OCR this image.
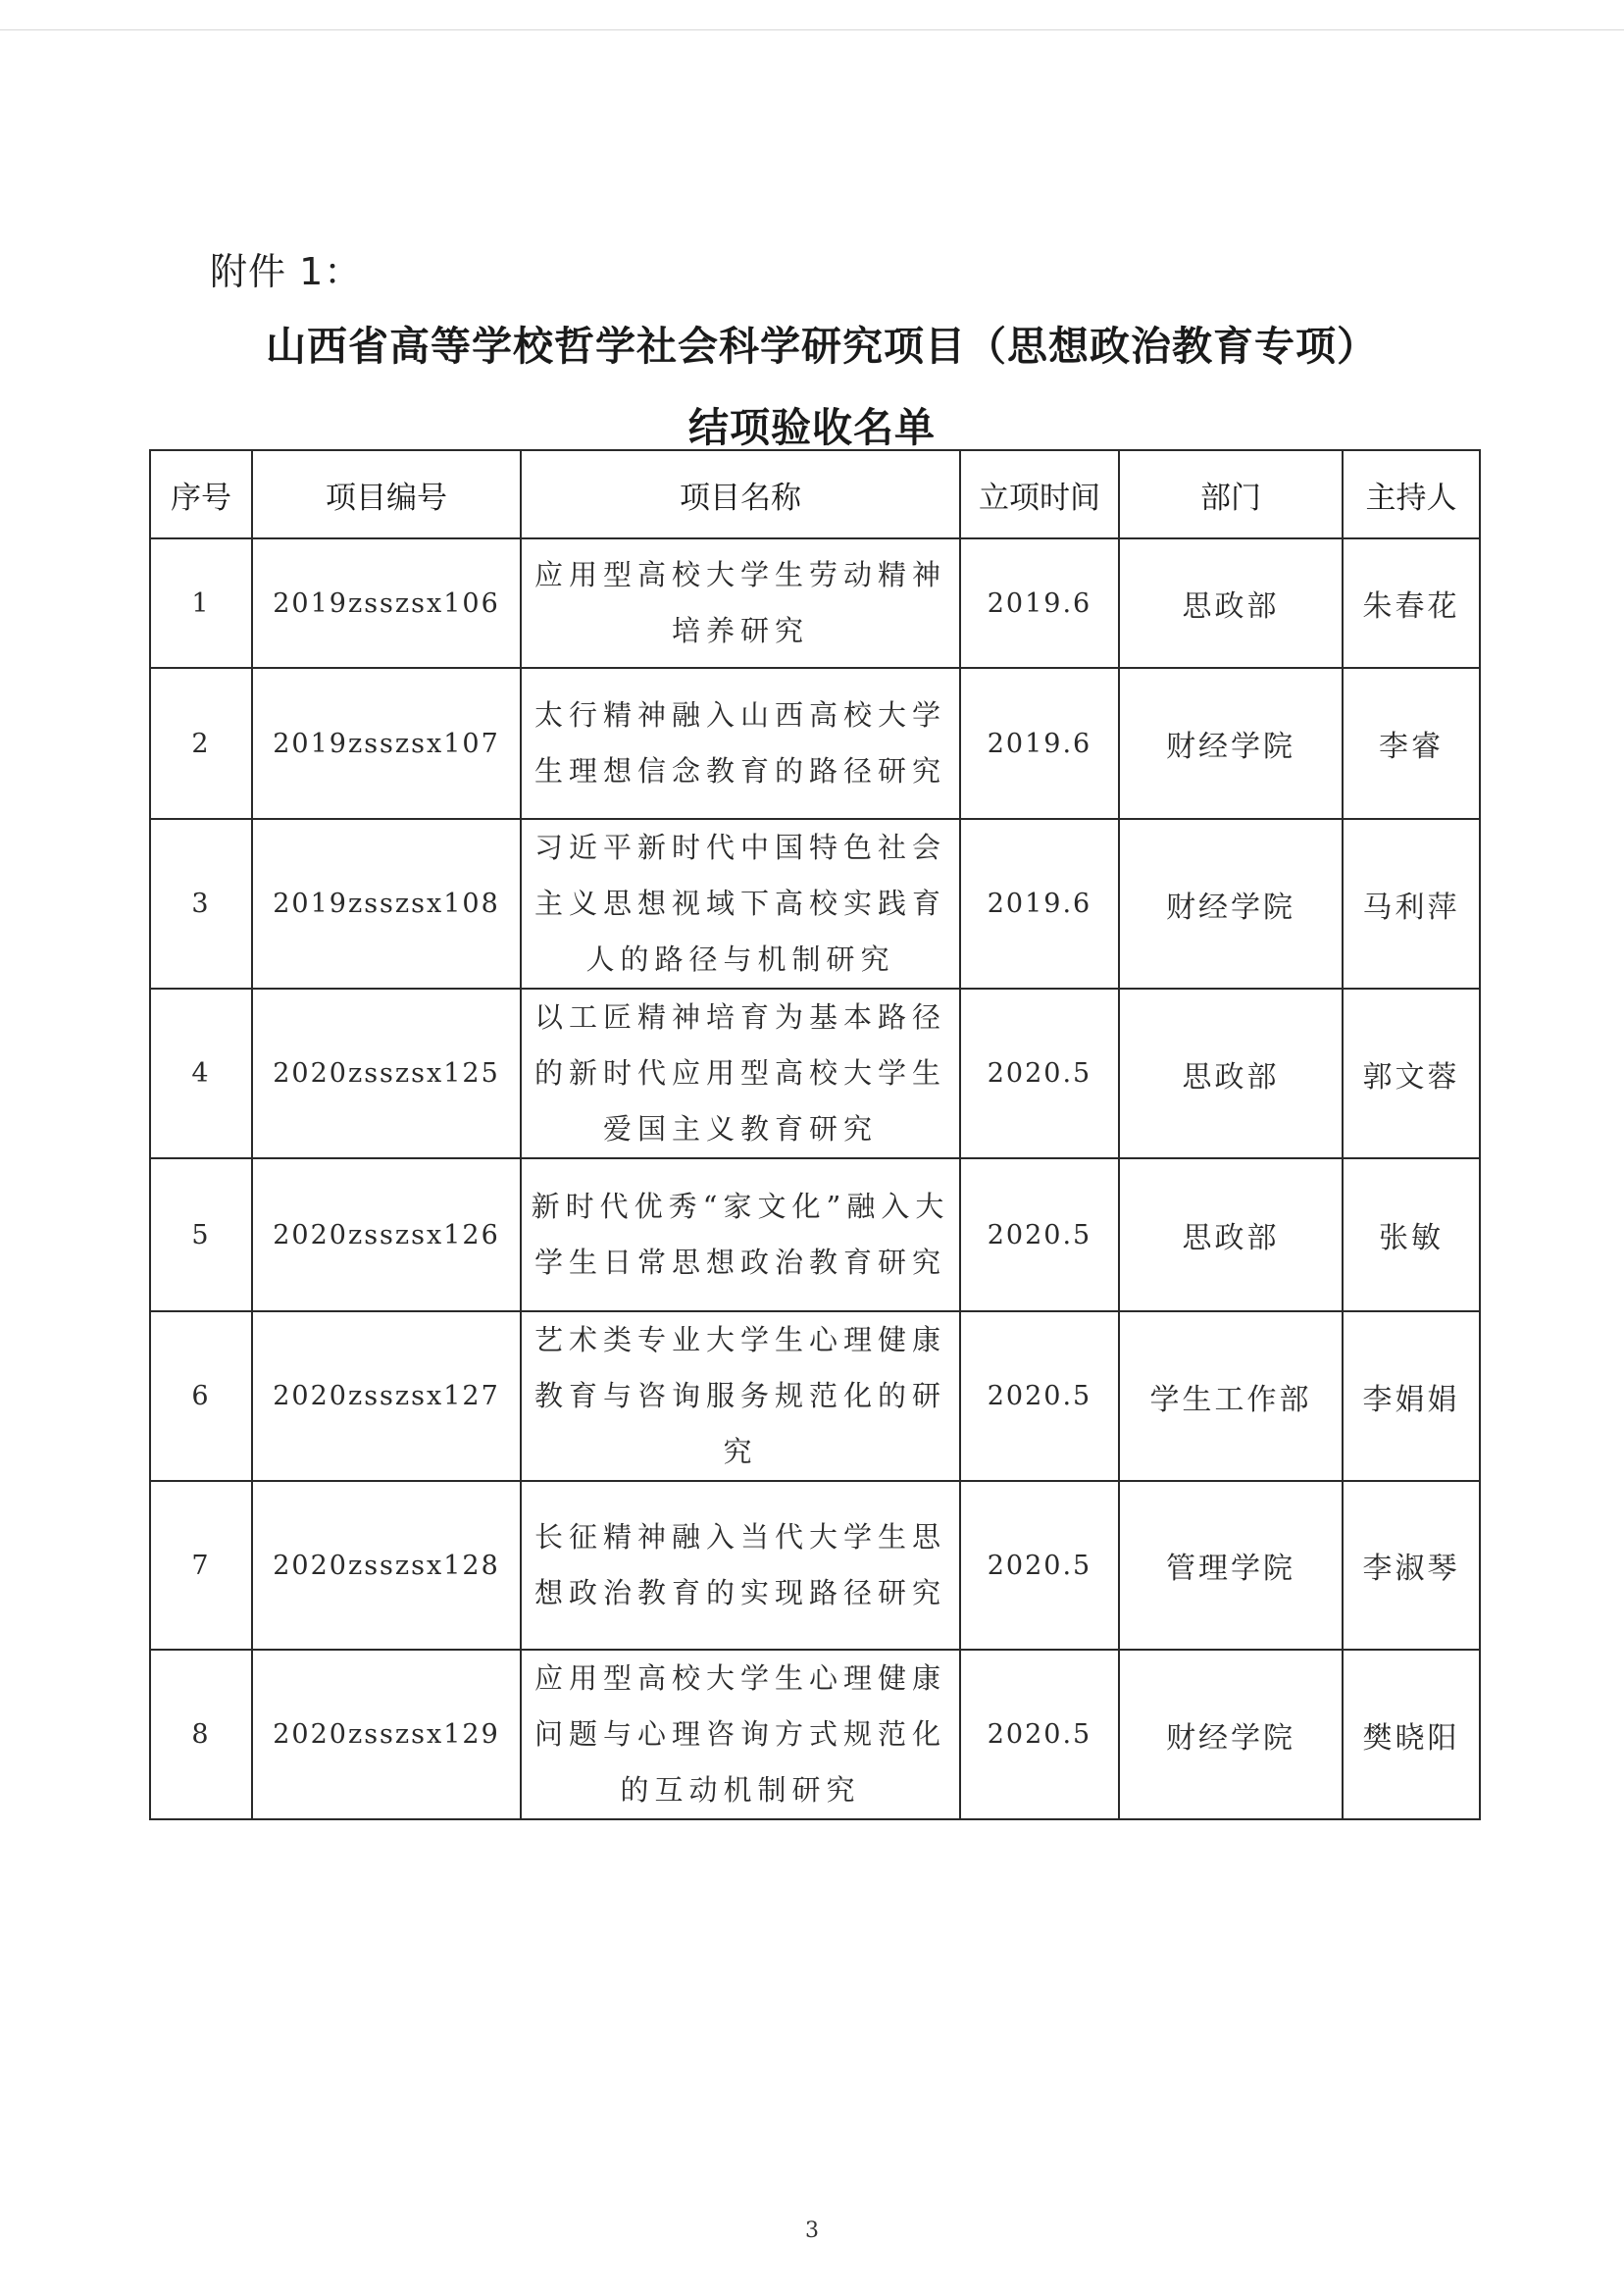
附件 1：
山西省高等学校哲学社会科学研究项目（思想政治教育专项）
结项验收名单
序号	项目编号	项目名称	立项时间	部门	主持人
1	2019zsszsx106	应用型高校大学生劳动精神培养研究	2019.6	思政部	朱春花
2	2019zsszsx107	太行精神融入山西高校大学生理想信念教育的路径研究	2019.6	财经学院	李睿
3	2019zsszsx108	习近平新时代中国特色社会主义思想视域下高校实践育人的路径与机制研究	2019.6	财经学院	马利萍
4	2020zsszsx125	以工匠精神培育为基本路径的新时代应用型高校大学生爱国主义教育研究	2020.5	思政部	郭文蓉
5	2020zsszsx126	新时代优秀“家文化”融入大学生日常思想政治教育研究	2020.5	思政部	张敏
6	2020zsszsx127	艺术类专业大学生心理健康教育与咨询服务规范化的研究	2020.5	学生工作部	李娟娟
7	2020zsszsx128	长征精神融入当代大学生思想政治教育的实现路径研究	2020.5	管理学院	李淑琴
8	2020zsszsx129	应用型高校大学生心理健康问题与心理咨询方式规范化的互动机制研究	2020.5	财经学院	樊晓阳
3
